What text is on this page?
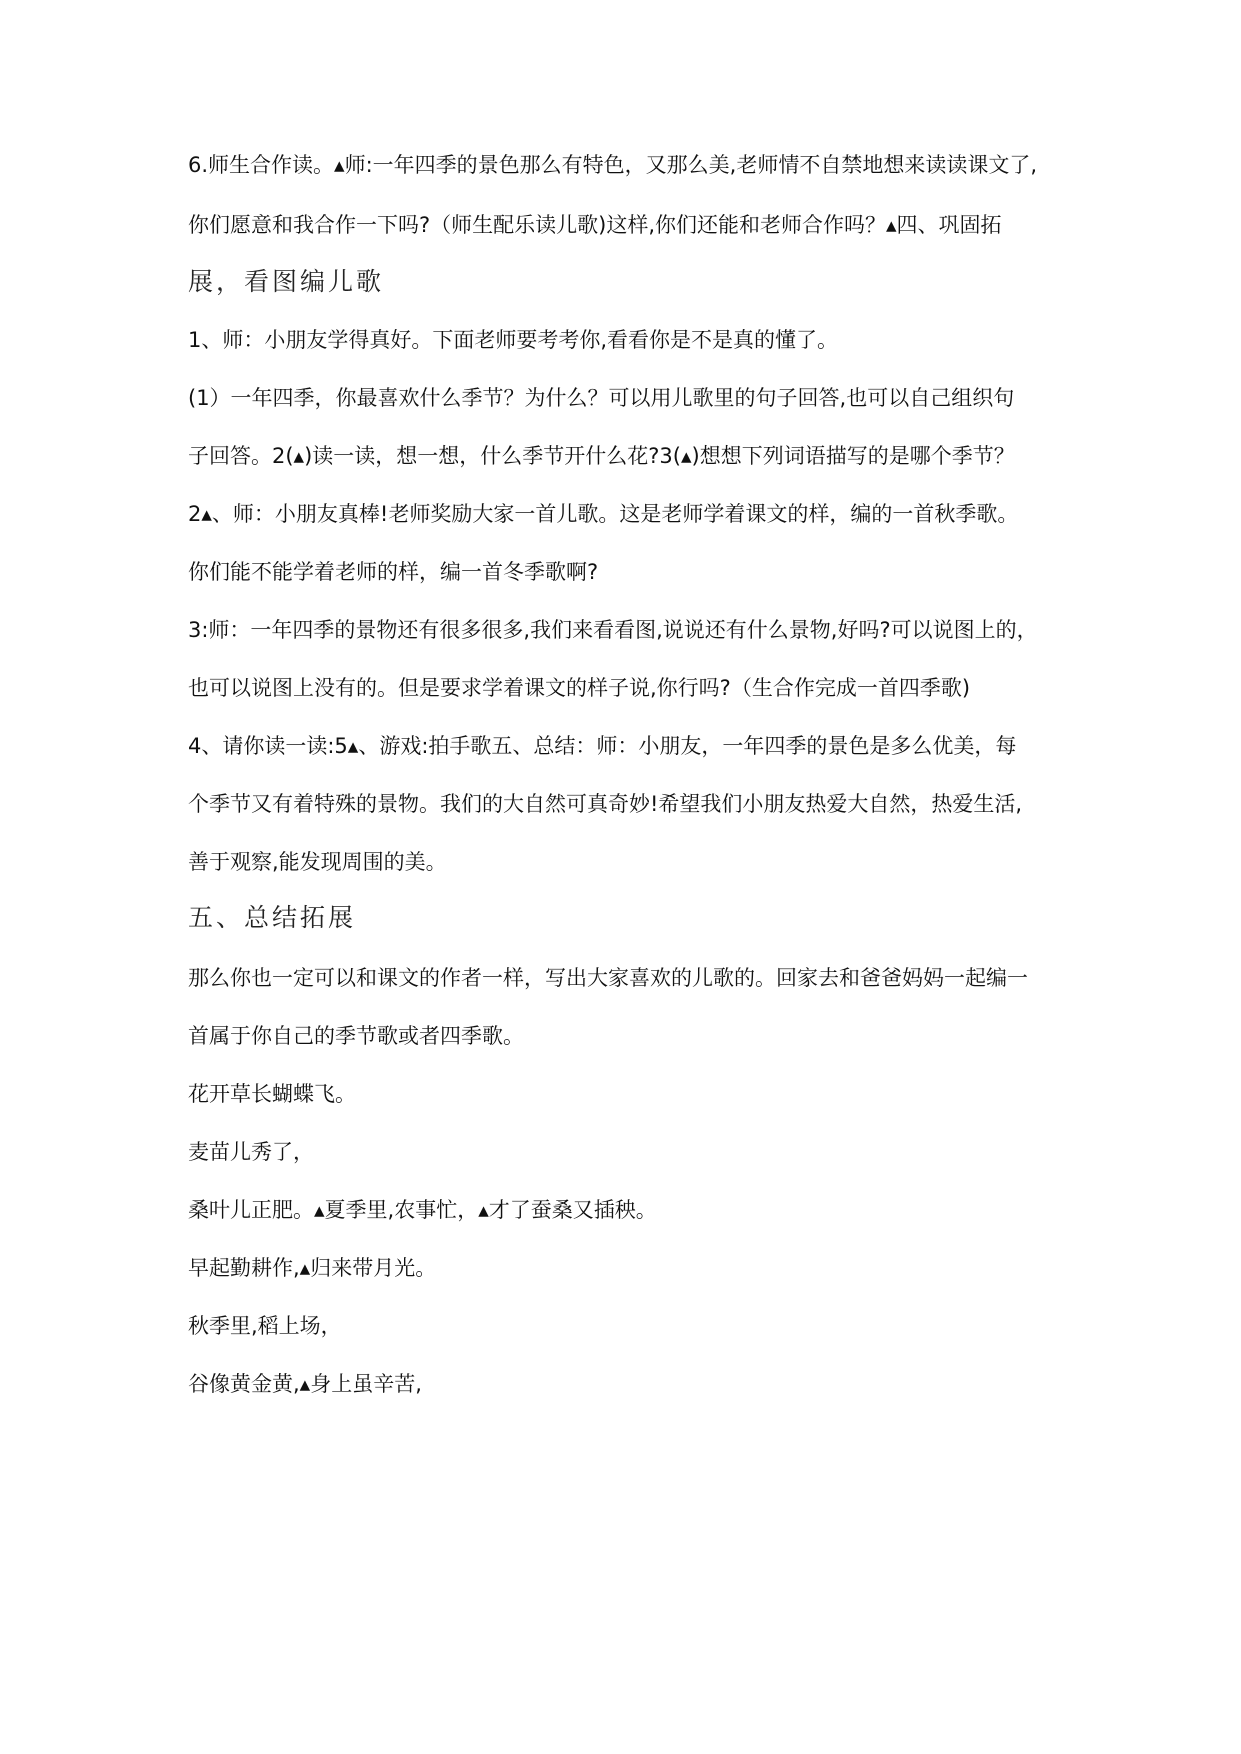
6.师生合作读。▴师:一年四季的景色那么有特色，又那么美,老师情不自禁地想来读读课文了,
你们愿意和我合作一下吗?（师生配乐读儿歌)这样,你们还能和老师合作吗？▴四、巩固拓
展，看图编儿歌
1、师：小朋友学得真好。下面老师要考考你,看看你是不是真的懂了。
(1）一年四季，你最喜欢什么季节？为什么？可以用儿歌里的句子回答,也可以自己组织句
子回答。2(▴)读一读，想一想，什么季节开什么花?3(▴)想想下列词语描写的是哪个季节？
2▴、师：小朋友真棒!老师奖励大家一首儿歌。这是老师学着课文的样，编的一首秋季歌。
你们能不能学着老师的样，编一首冬季歌啊?
3:师：一年四季的景物还有很多很多,我们来看看图,说说还有什么景物,好吗?可以说图上的，
也可以说图上没有的。但是要求学着课文的样子说,你行吗?（生合作完成一首四季歌)
4、请你读一读:5▴、游戏:拍手歌五、总结：师：小朋友，一年四季的景色是多么优美，每
个季节又有着特殊的景物。我们的大自然可真奇妙!希望我们小朋友热爱大自然，热爱生活,
善于观察,能发现周围的美。
五、总结拓展
那么你也一定可以和课文的作者一样，写出大家喜欢的儿歌的。回家去和爸爸妈妈一起编一
首属于你自己的季节歌或者四季歌。
花开草长蝴蝶飞。
麦苗儿秀了，
桑叶儿正肥。▴夏季里,农事忙，▴才了蚕桑又插秧。
早起勤耕作,▴归来带月光。
秋季里,稻上场，
谷像黄金黄,▴身上虽辛苦,
